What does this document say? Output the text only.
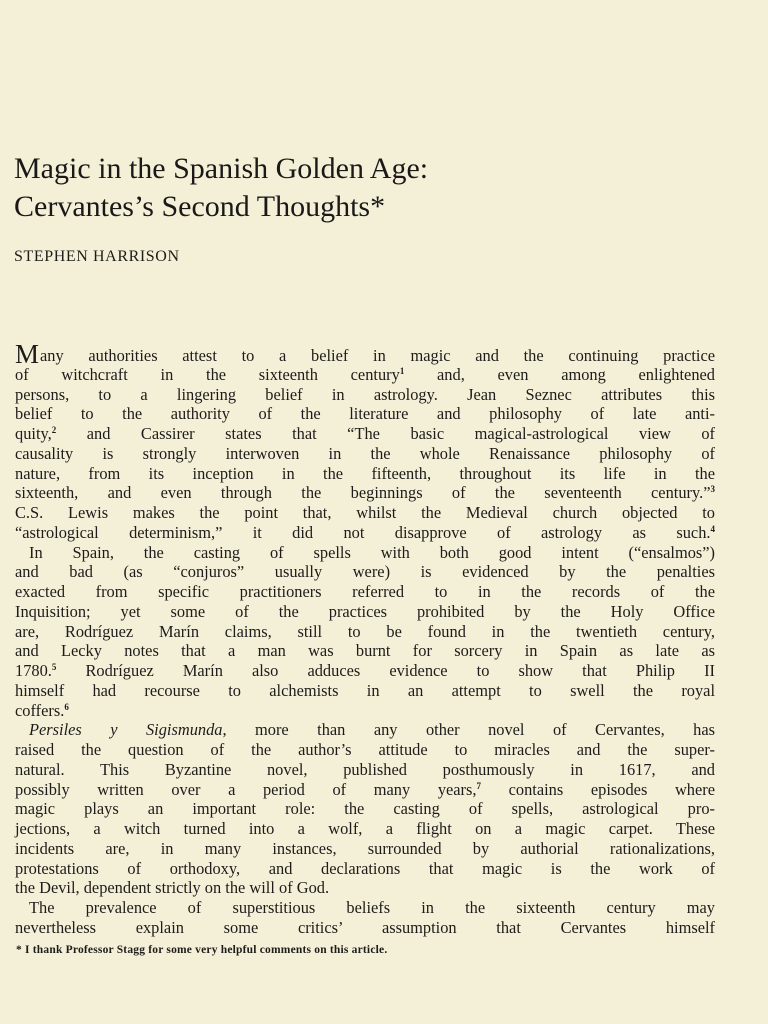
Magic in the Spanish Golden Age:
Cervantes’s Second Thoughts*
STEPHEN HARRISON
Many authorities attest to a belief in magic and the continuing practice
of witchcraft in the sixteenth century$^1$ and, even among enlightened
persons, to a lingering belief in astrology. Jean Seznec attributes this
belief to the authority of the literature and philosophy of late anti-
quity,$^2$ and Cassirer states that “The basic magical-astrological view of
causality is strongly interwoven in the whole Renaissance philosophy of
nature, from its inception in the fifteenth, throughout its life in the
sixteenth, and even through the beginnings of the seventeenth century.”$^3$
C.S. Lewis makes the point that, whilst the Medieval church objected to
“astrological determinism,” it did not disapprove of astrology as such.$^4$
In Spain, the casting of spells with both good intent (“ensalmos”)
and bad (as “conjuros” usually were) is evidenced by the penalties
exacted from specific practitioners referred to in the records of the
Inquisition; yet some of the practices prohibited by the Holy Office
are, Rodríguez Marín claims, still to be found in the twentieth century,
and Lecky notes that a man was burnt for sorcery in Spain as late as
1780.$^5$ Rodríguez Marín also adduces evidence to show that Philip II
himself had recourse to alchemists in an attempt to swell the royal
coffers.$^6$
Persiles y Sigismunda, more than any other novel of Cervantes, has
raised the question of the author’s attitude to miracles and the super-
natural. This Byzantine novel, published posthumously in 1617, and
possibly written over a period of many years,$^7$ contains episodes where
magic plays an important role: the casting of spells, astrological pro-
jections, a witch turned into a wolf, a flight on a magic carpet. These
incidents are, in many instances, surrounded by authorial rationalizations,
protestations of orthodoxy, and declarations that magic is the work of
the Devil, dependent strictly on the will of God.
The prevalence of superstitious beliefs in the sixteenth century may
nevertheless explain some critics’ assumption that Cervantes himself
* I thank Professor Stagg for some very helpful comments on this article.
